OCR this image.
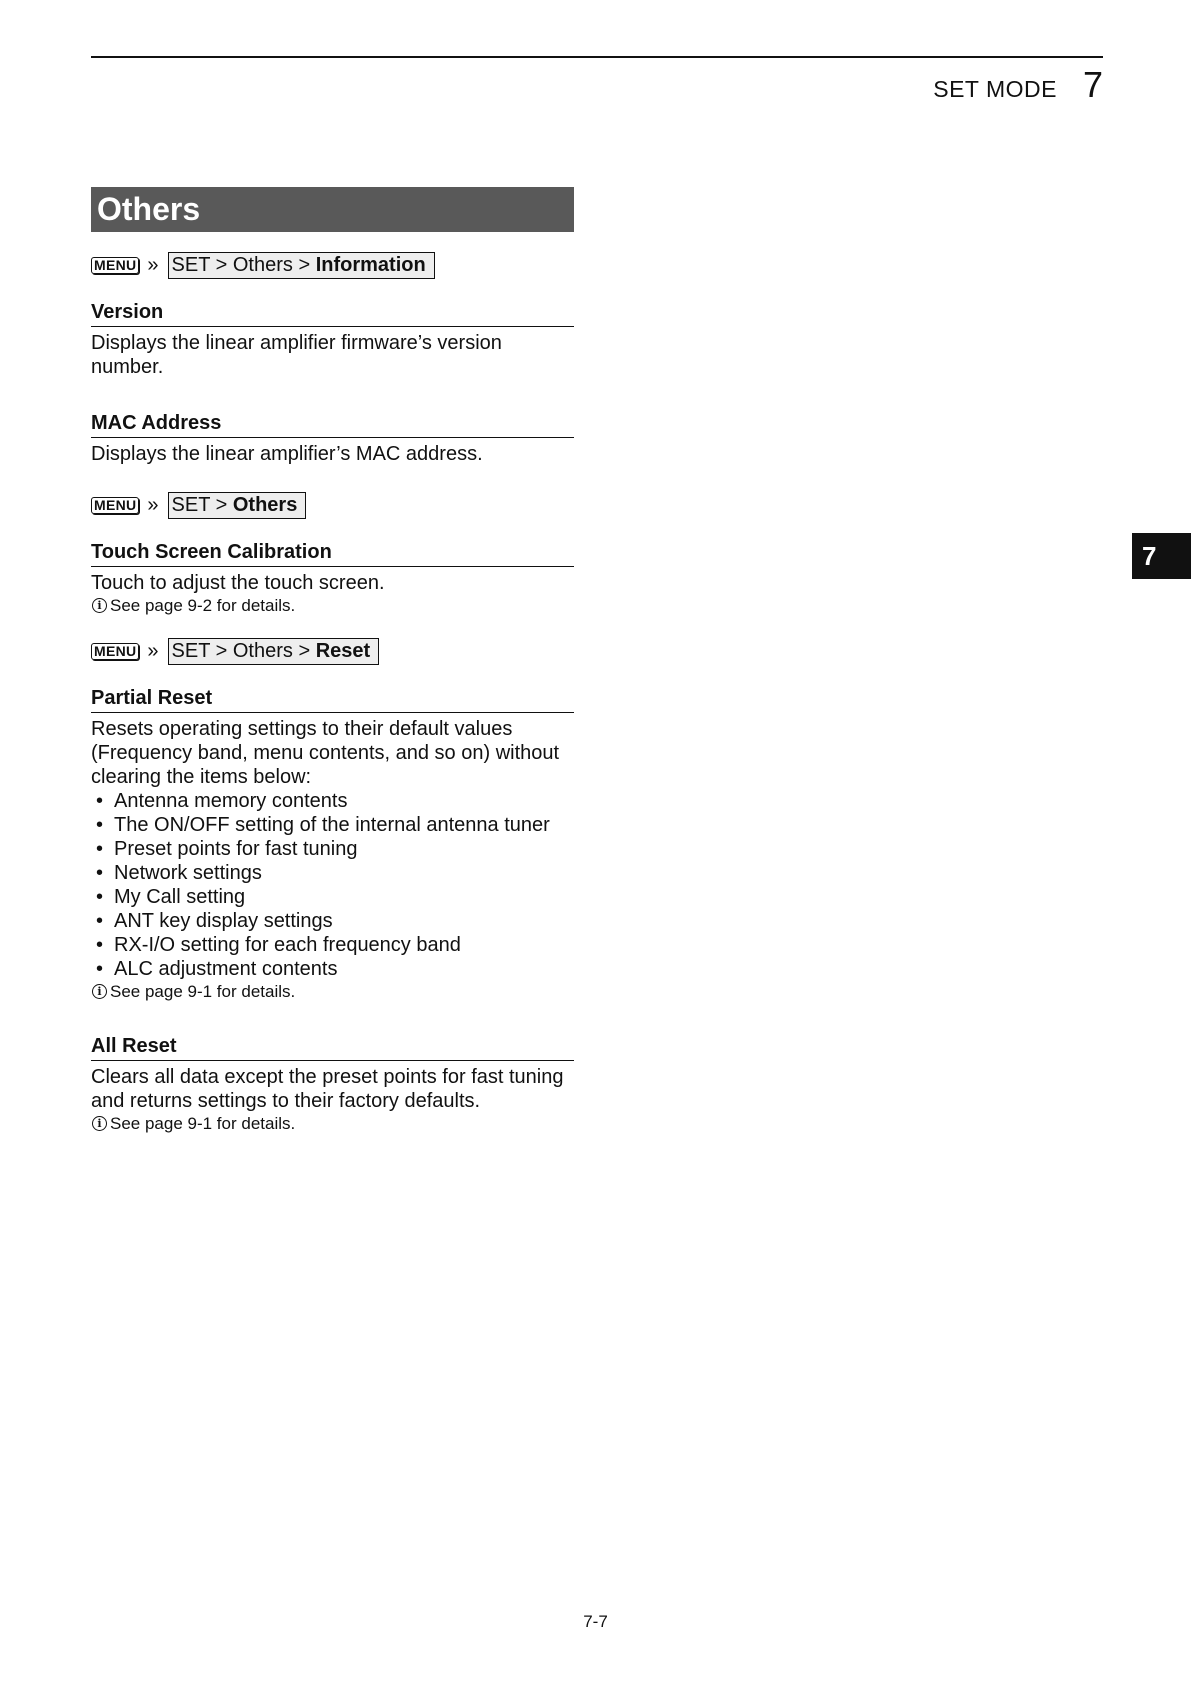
SET MODE 7
7
Others
MENU » SET > Others > Information
Version
Displays the linear amplifier firmware’s version number.
MAC Address
Displays the linear amplifier’s MAC address.
MENU » SET > Others
Touch Screen Calibration
Touch to adjust the touch screen.
i See page 9-2 for details.
MENU » SET > Others > Reset
Partial Reset
Resets operating settings to their default values (Frequency band, menu contents, and so on) without clearing the items below:
• Antenna memory contents
• The ON/OFF setting of the internal antenna tuner
• Preset points for fast tuning
• Network settings
• My Call setting
• ANT key display settings
• RX-I/O setting for each frequency band
• ALC adjustment contents
i See page 9-1 for details.
All Reset
Clears all data except the preset points for fast tuning and returns settings to their factory defaults.
i See page 9-1 for details.
7-7
